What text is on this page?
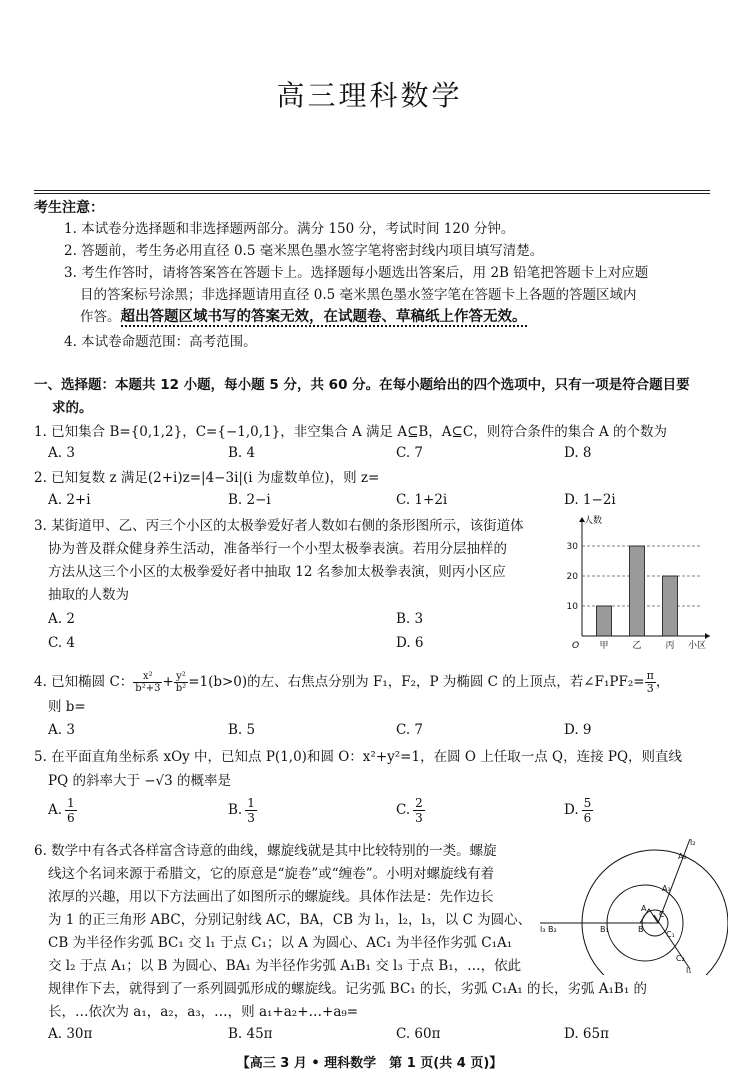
高三理科数学
考生注意：
1. 本试卷分选择题和非选择题两部分。满分 150 分，考试时间 120 分钟。
2. 答题前，考生务必用直径 0.5 毫米黑色墨水签字笔将密封线内项目填写清楚。
3. 考生作答时，请将答案答在答题卡上。选择题每小题选出答案后，用 2B 铅笔把答题卡上对应题
目的答案标号涂黑；非选择题请用直径 0.5 毫米黑色墨水签字笔在答题卡上各题的答题区域内
作答。超出答题区域书写的答案无效，在试题卷、草稿纸上作答无效。
4. 本试卷命题范围：高考范围。
一、选择题：本题共 12 小题，每小题 5 分，共 60 分。在每小题给出的四个选项中，只有一项是符合题目要
求的。
1. 已知集合 B={0,1,2}，C={−1,0,1}，非空集合 A 满足 A⊆B，A⊆C，则符合条件的集合 A 的个数为
A. 3	B. 4	C. 7	D. 8
2. 已知复数 z 满足(2+i)z=|4−3i|(i 为虚数单位)，则 z=
A. 2+i	B. 2−i	C. 1+2i	D. 1−2i
3. 某街道甲、乙、丙三个小区的太极拳爱好者人数如右侧的条形图所示，该街道体
协为普及群众健身养生活动，准备举行一个小型太极拳表演。若用分层抽样的
方法从这三个小区的太极拳爱好者中抽取 12 名参加太极拳表演，则丙小区应
抽取的人数为
A. 2	B. 3
C. 4	D. 6
10
20
30
甲	乙	丙
O
人数
小区
4. 已知椭圆 C： $\frac{\text{x²}}{\text{b²+3}} + \frac{\text{y²}}{\text{b²}} =1(b>0)$的左、右焦点分别为 F₁，F₂，P 为椭圆 C 的上顶点，若∠F₁PF₂= $\frac{\pi}{3}$ ，
则 b=
A. 3	B. 5	C. 7	D. 9
5. 在平面直角坐标系 xOy 中，已知点 P(1,0)和圆 O：x²+y²=1，在圆 O 上任取一点 Q，连接 PQ，则直线
PQ 的斜率大于 −√3 的概率是
A. $\frac{1}{6}$	B. $\frac{1}{3}$	C. $\frac{2}{3}$	D. $\frac{5}{6}$
6. 数学中有各式各样富含诗意的曲线，螺旋线就是其中比较特别的一类。螺旋
线这个名词来源于希腊文，它的原意是“旋卷”或“缠卷”。小明对螺旋线有着
浓厚的兴趣，用以下方法画出了如图所示的螺旋线。具体作法是：先作边长
为 1 的正三角形 ABC，分别记射线 AC，BA，CB 为 l₁，l₂，l₃，以 C 为圆心、
CB 为半径作劣弧 BC₁ 交 l₁ 于点 C₁；以 A 为圆心、AC₁ 为半径作劣弧 C₁A₁
交 l₂ 于点 A₁；以 B 为圆心、BA₁ 为半径作劣弧 A₁B₁ 交 l₃ 于点 B₁，…，依此
规律作下去，就得到了一系列圆弧形成的螺旋线。记劣弧 BC₁ 的长，劣弧 C₁A₁ 的长，劣弧 A₁B₁ 的
长，…依次为 a₁，a₂，a₃，…，则 a₁+a₂+…+a₉=
A. 30π	B. 45π	C. 60π	D. 65π
l₂
A₂
A₁
A
C
B
B₁
l₃ B₂
C₁
C₂
l₁
【高三 3 月 • 理科数学　第 1 页(共 4 页)】
